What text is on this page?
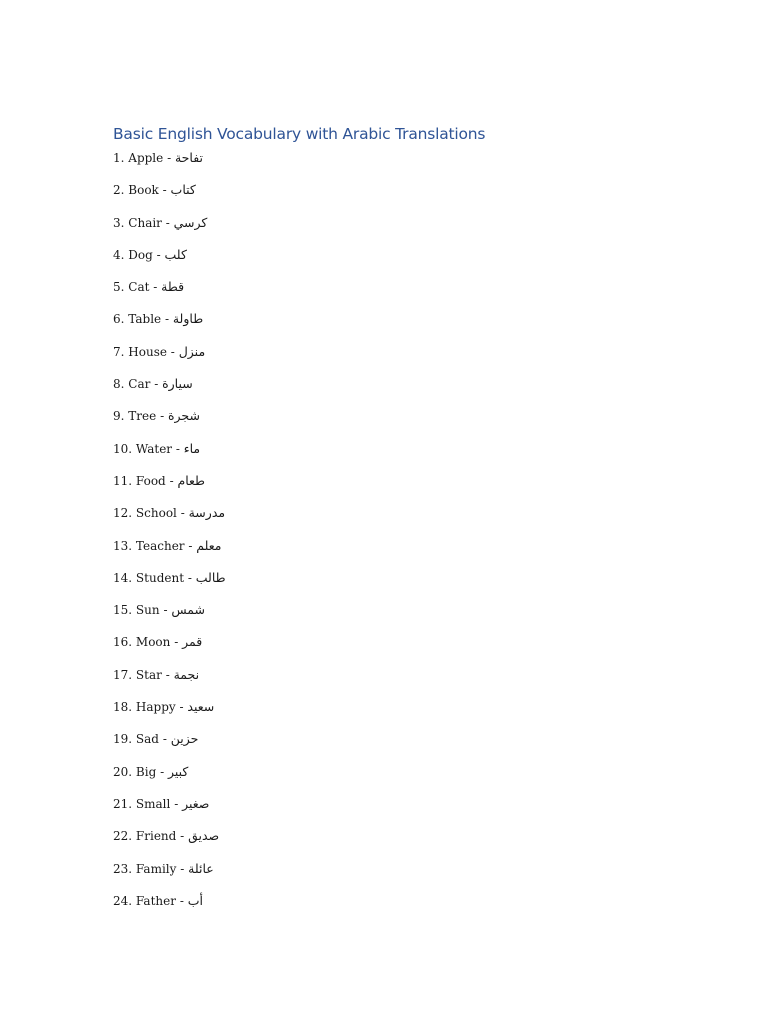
Basic English Vocabulary with Arabic Translations
1. Apple - تفاحة
2. Book - كتاب
3. Chair - كرسي
4. Dog - كلب
5. Cat - قطة
6. Table - طاولة
7. House - منزل
8. Car - سيارة
9. Tree - شجرة
10. Water - ماء
11. Food - طعام
12. School - مدرسة
13. Teacher - معلم
14. Student - طالب
15. Sun - شمس
16. Moon - قمر
17. Star - نجمة
18. Happy - سعيد
19. Sad - حزين
20. Big - كبير
21. Small - صغير
22. Friend - صديق
23. Family - عائلة
24. Father - أب
